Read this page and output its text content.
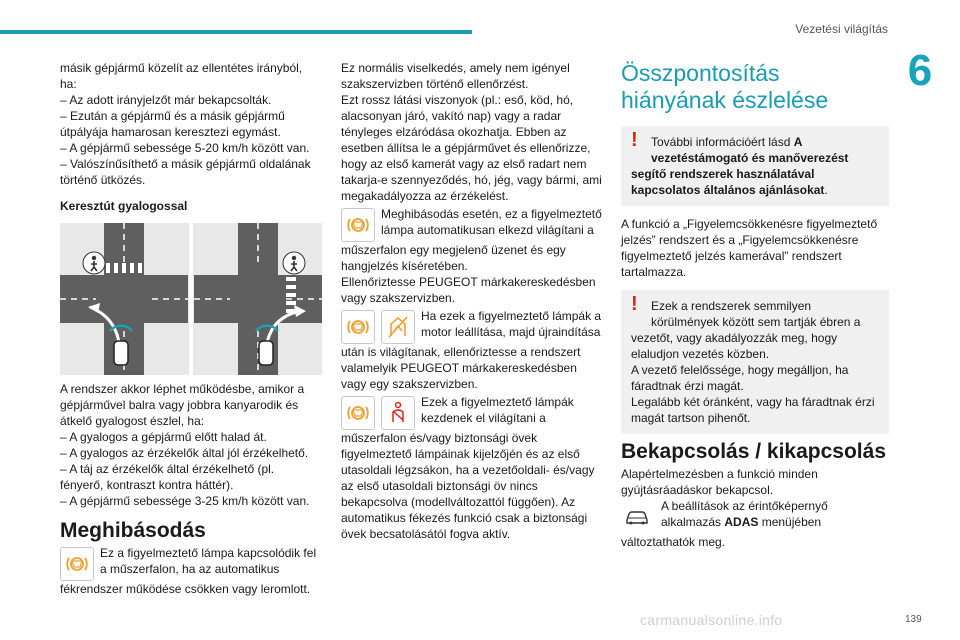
Vezetési világítás
6
másik gépjármű közelít az ellentétes irányból,
ha:
– Az adott irányjelzőt már bekapcsolták.
– Ezután a gépjármű és a másik gépjármű
útpályája hamarosan keresztezi egymást.
– A gépjármű sebessége 5-20 km/h között van.
– Valószínűsíthető a másik gépjármű oldalának
történő ütközés.
Keresztút gyalogossal
A rendszer akkor léphet működésbe, amikor a
gépjárművel balra vagy jobbra kanyarodik és
átkelő gyalogost észlel, ha:
– A gyalogos a gépjármű előtt halad át.
– A gyalogos az érzékelők által jól érzékelhető.
– A táj az érzékelők által érzékelhető (pl.
fényerő, kontraszt kontra háttér).
– A gépjármű sebessége 3-25 km/h között van.
Meghibásodás
Ez a figyelmeztető lámpa kapcsolódik fel
a műszerfalon, ha az automatikus
fékrendszer működése csökken vagy leromlott.
Ez normális viselkedés, amely nem igényel
szakszervizben történő ellenőrzést.
Ezt rossz látási viszonyok (pl.: eső, köd, hó,
alacsonyan járó, vakító nap) vagy a radar
tényleges elzáródása okozhatja. Ebben az
esetben állítsa le a gépjárművet és ellenőrizze,
hogy az első kamerát vagy az első radart nem
takarja-e szennyeződés, hó, jég, vagy bármi, ami
megakadályozza az érzékelést.
Meghibásodás esetén, ez a figyelmeztető
lámpa automatikusan elkezd világítani a
műszerfalon egy megjelenő üzenet és egy
hangjelzés kíséretében.
Ellenőriztesse PEUGEOT márkakereskedésben
vagy szakszervizben.
Ha ezek a figyelmeztető lámpák a
motor leállítása, majd újraindítása
után is világítanak, ellenőriztesse a rendszert
valamelyik PEUGEOT márkakereskedésben
vagy egy szakszervizben.
Ezek a figyelmeztető lámpák
kezdenek el világítani a
műszerfalon és/vagy biztonsági övek
figyelmeztető lámpáinak kijelzőjén és az első
utasoldali légzsákon, ha a vezetőoldali- és/vagy
az első utasoldali biztonsági öv nincs
bekapcsolva (modellváltozattól függően). Az
automatikus fékezés funkció csak a biztonsági
övek becsatolásától fogva aktív.
Összpontosítás
hiányának észlelése
!	További információért lásd A
vezetéstámogató és manőverezést
segítő rendszerek használatával
kapcsolatos általános ajánlásokat.
A funkció a „Figyelemcsökkenésre figyelmeztető
jelzés” rendszert és a „Figyelemcsökkenésre
figyelmeztető jelzés kamerával” rendszert
tartalmazza.
!	Ezek a rendszerek semmilyen
körülmények között sem tartják ébren a
vezetőt, vagy akadályozzák meg, hogy
elaludjon vezetés közben.
A vezető felelőssége, hogy megálljon, ha
fáradtnak érzi magát.
Legalább két óránként, vagy ha fáradtnak érzi
magát tartson pihenőt.
Bekapcsolás / kikapcsolás
Alapértelmezésben a funkció minden
gyújtásráadáskor bekapcsol.
A beállítások az érintőképernyő
alkalmazás ADAS menüjében
változtathatók meg.
carmanualsonline.info	139
